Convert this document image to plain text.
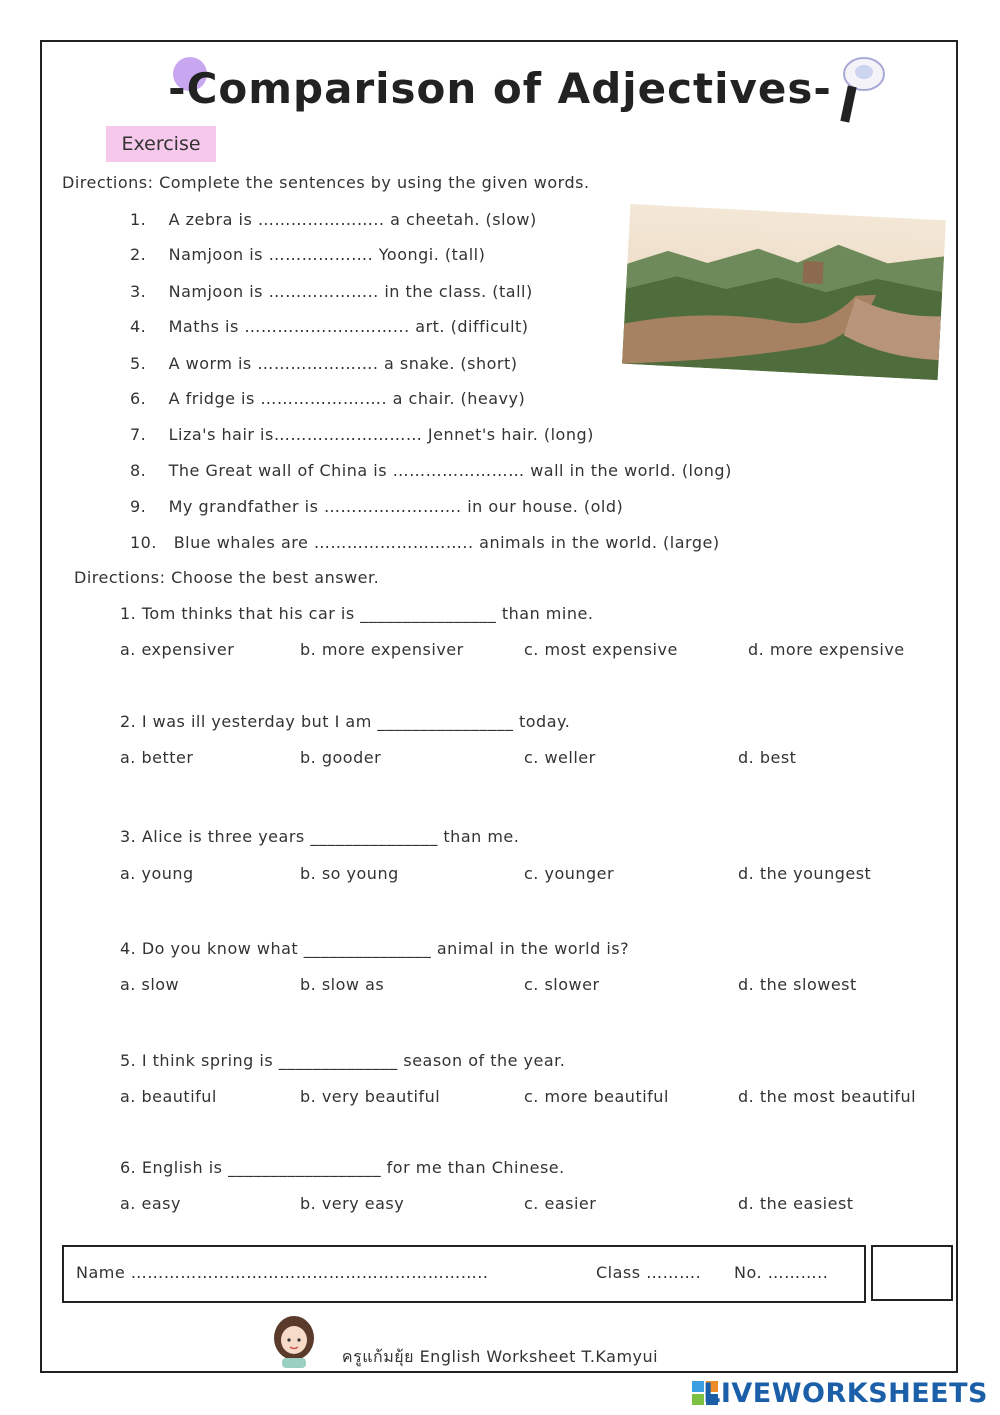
-Comparison of Adjectives-
Exercise
Directions: Complete the sentences by using the given words.
1.    A zebra is ………………….. a cheetah. (slow)
2.    Namjoon is ………………. Yoongi. (tall)
3.    Namjoon is ……………….. in the class. (tall)
4.    Maths is ………………………... art. (difficult)
5.    A worm is …………………. a snake. (short)
6.    A fridge is ……………….…. a chair. (heavy)
7.    Liza's hair is……………………… Jennet's hair. (long)
8.    The Great wall of China is …………………… wall in the world. (long)
9.    My grandfather is ……………………. in our house. (old)
10.   Blue whales are ……………………….. animals in the world. (large)
Directions: Choose the best answer.
1. Tom thinks that his car is ________________ than mine.
a. expensiver	b. more expensiver	c. most expensive	d. more expensive
2. I was ill yesterday but I am ________________ today.
a. better	b. gooder	c. weller	d. best
3. Alice is three years _______________ than me.
a. young	b. so young	c. younger	d. the youngest
4. Do you know what _______________ animal in the world is?
a. slow	b. slow as	c. slower	d. the slowest
5. I think spring is ______________ season of the year.
a. beautiful	b. very beautiful	c. more beautiful	d. the most beautiful
6. English is __________________ for me than Chinese.
a. easy	b. very easy	c. easier	d. the easiest
Name ………………………………………………………..	Class ………. No. ………..
ครูแก้มยุ้ย English Worksheet T.Kamyui
LIVEWORKSHEETS
